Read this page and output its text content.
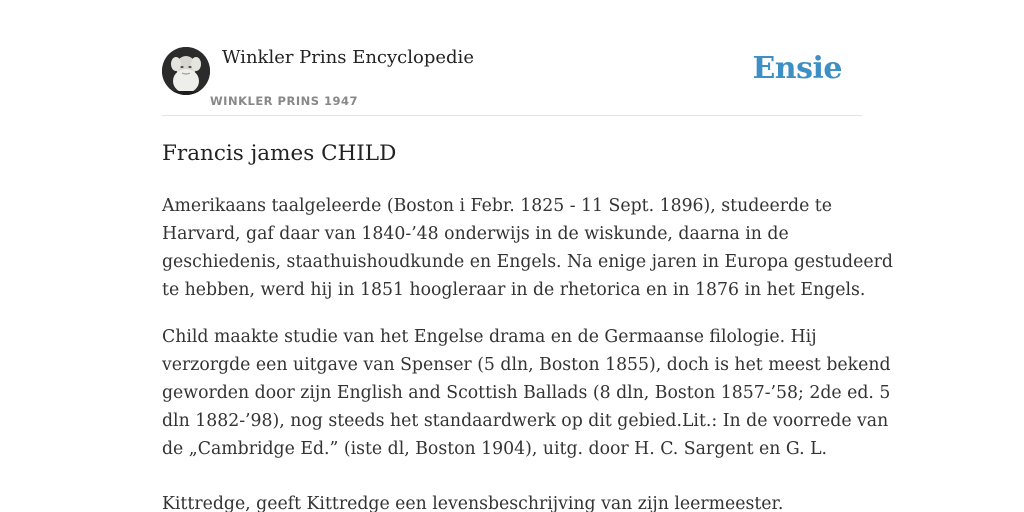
Winkler Prins Encyclopedie
WINKLER PRINS 1947
Ensie
Francis james CHILD
Amerikaans taalgeleerde (Boston i Febr. 1825 - 11 Sept. 1896), studeerde te
Harvard, gaf daar van 1840-’48 onderwijs in de wiskunde, daarna in de
geschiedenis, staathuishoudkunde en Engels. Na enige jaren in Europa gestudeerd
te hebben, werd hij in 1851 hoogleraar in de rhetorica en in 1876 in het Engels.
Child maakte studie van het Engelse drama en de Germaanse filologie. Hij
verzorgde een uitgave van Spenser (5 dln, Boston 1855), doch is het meest bekend
geworden door zijn English and Scottish Ballads (8 dln, Boston 1857-’58; 2de ed. 5
dln 1882-’98), nog steeds het standaardwerk op dit gebied.Lit.: In de voorrede van
de „Cambridge Ed.” (iste dl, Boston 1904), uitg. door H. C. Sargent en G. L.
Kittredge, geeft Kittredge een levensbeschrijving van zijn leermeester.
